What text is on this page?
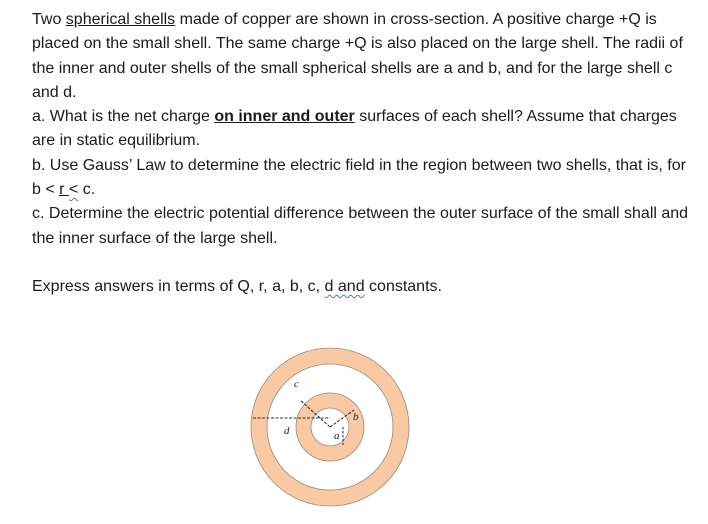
Two spherical shells made of copper are shown in cross-section. A positive charge +Q is placed on the small shell. The same charge +Q is also placed on the large shell. The radii of the inner and outer shells of the small spherical shells are a and b, and for the large shell c and d.

a. What is the net charge on inner and outer surfaces of each shell? Assume that charges are in static equilibrium.

b. Use Gauss’ Law to determine the electric field in the region between two shells, that is, for b < r < c.

c. Determine the electric potential difference between the outer surface of the small shall and the inner surface of the large shell.

Express answers in terms of Q, r, a, b, c, d and constants.

c
d	a
b
